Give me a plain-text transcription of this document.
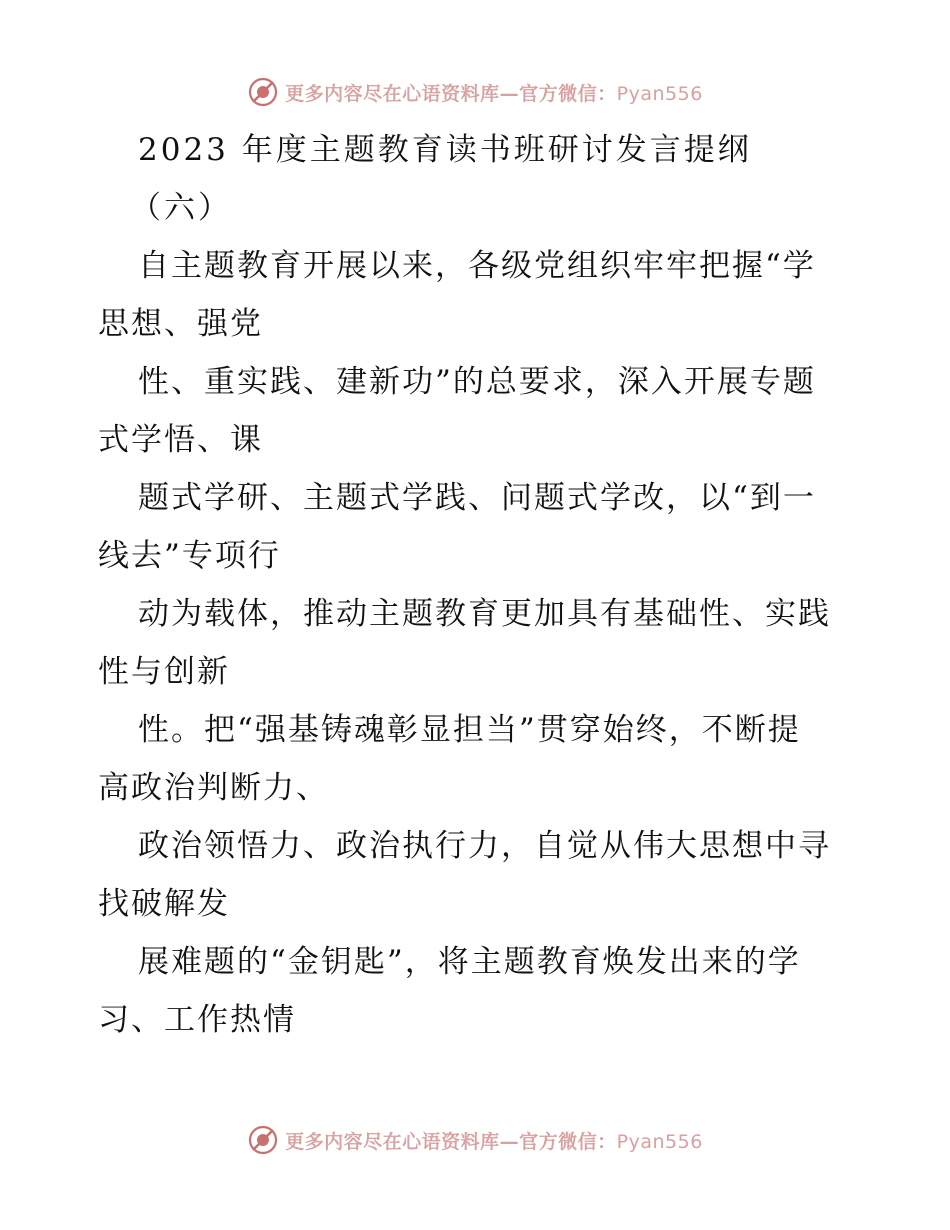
更多内容尽在心语资料库—官方微信：Pyan556
2023 年度主题教育读书班研讨发言提纲
（六）
自主题教育开展以来，各级党组织牢牢把握“学
思想、强党
性、重实践、建新功”的总要求，深入开展专题
式学悟、课
题式学研、主题式学践、问题式学改，以“到一
线去”专项行
动为载体，推动主题教育更加具有基础性、实践
性与创新
性。把“强基铸魂彰显担当”贯穿始终，不断提
高政治判断力、
政治领悟力、政治执行力，自觉从伟大思想中寻
找破解发
展难题的“金钥匙”，将主题教育焕发出来的学
习、工作热情
更多内容尽在心语资料库—官方微信：Pyan556
